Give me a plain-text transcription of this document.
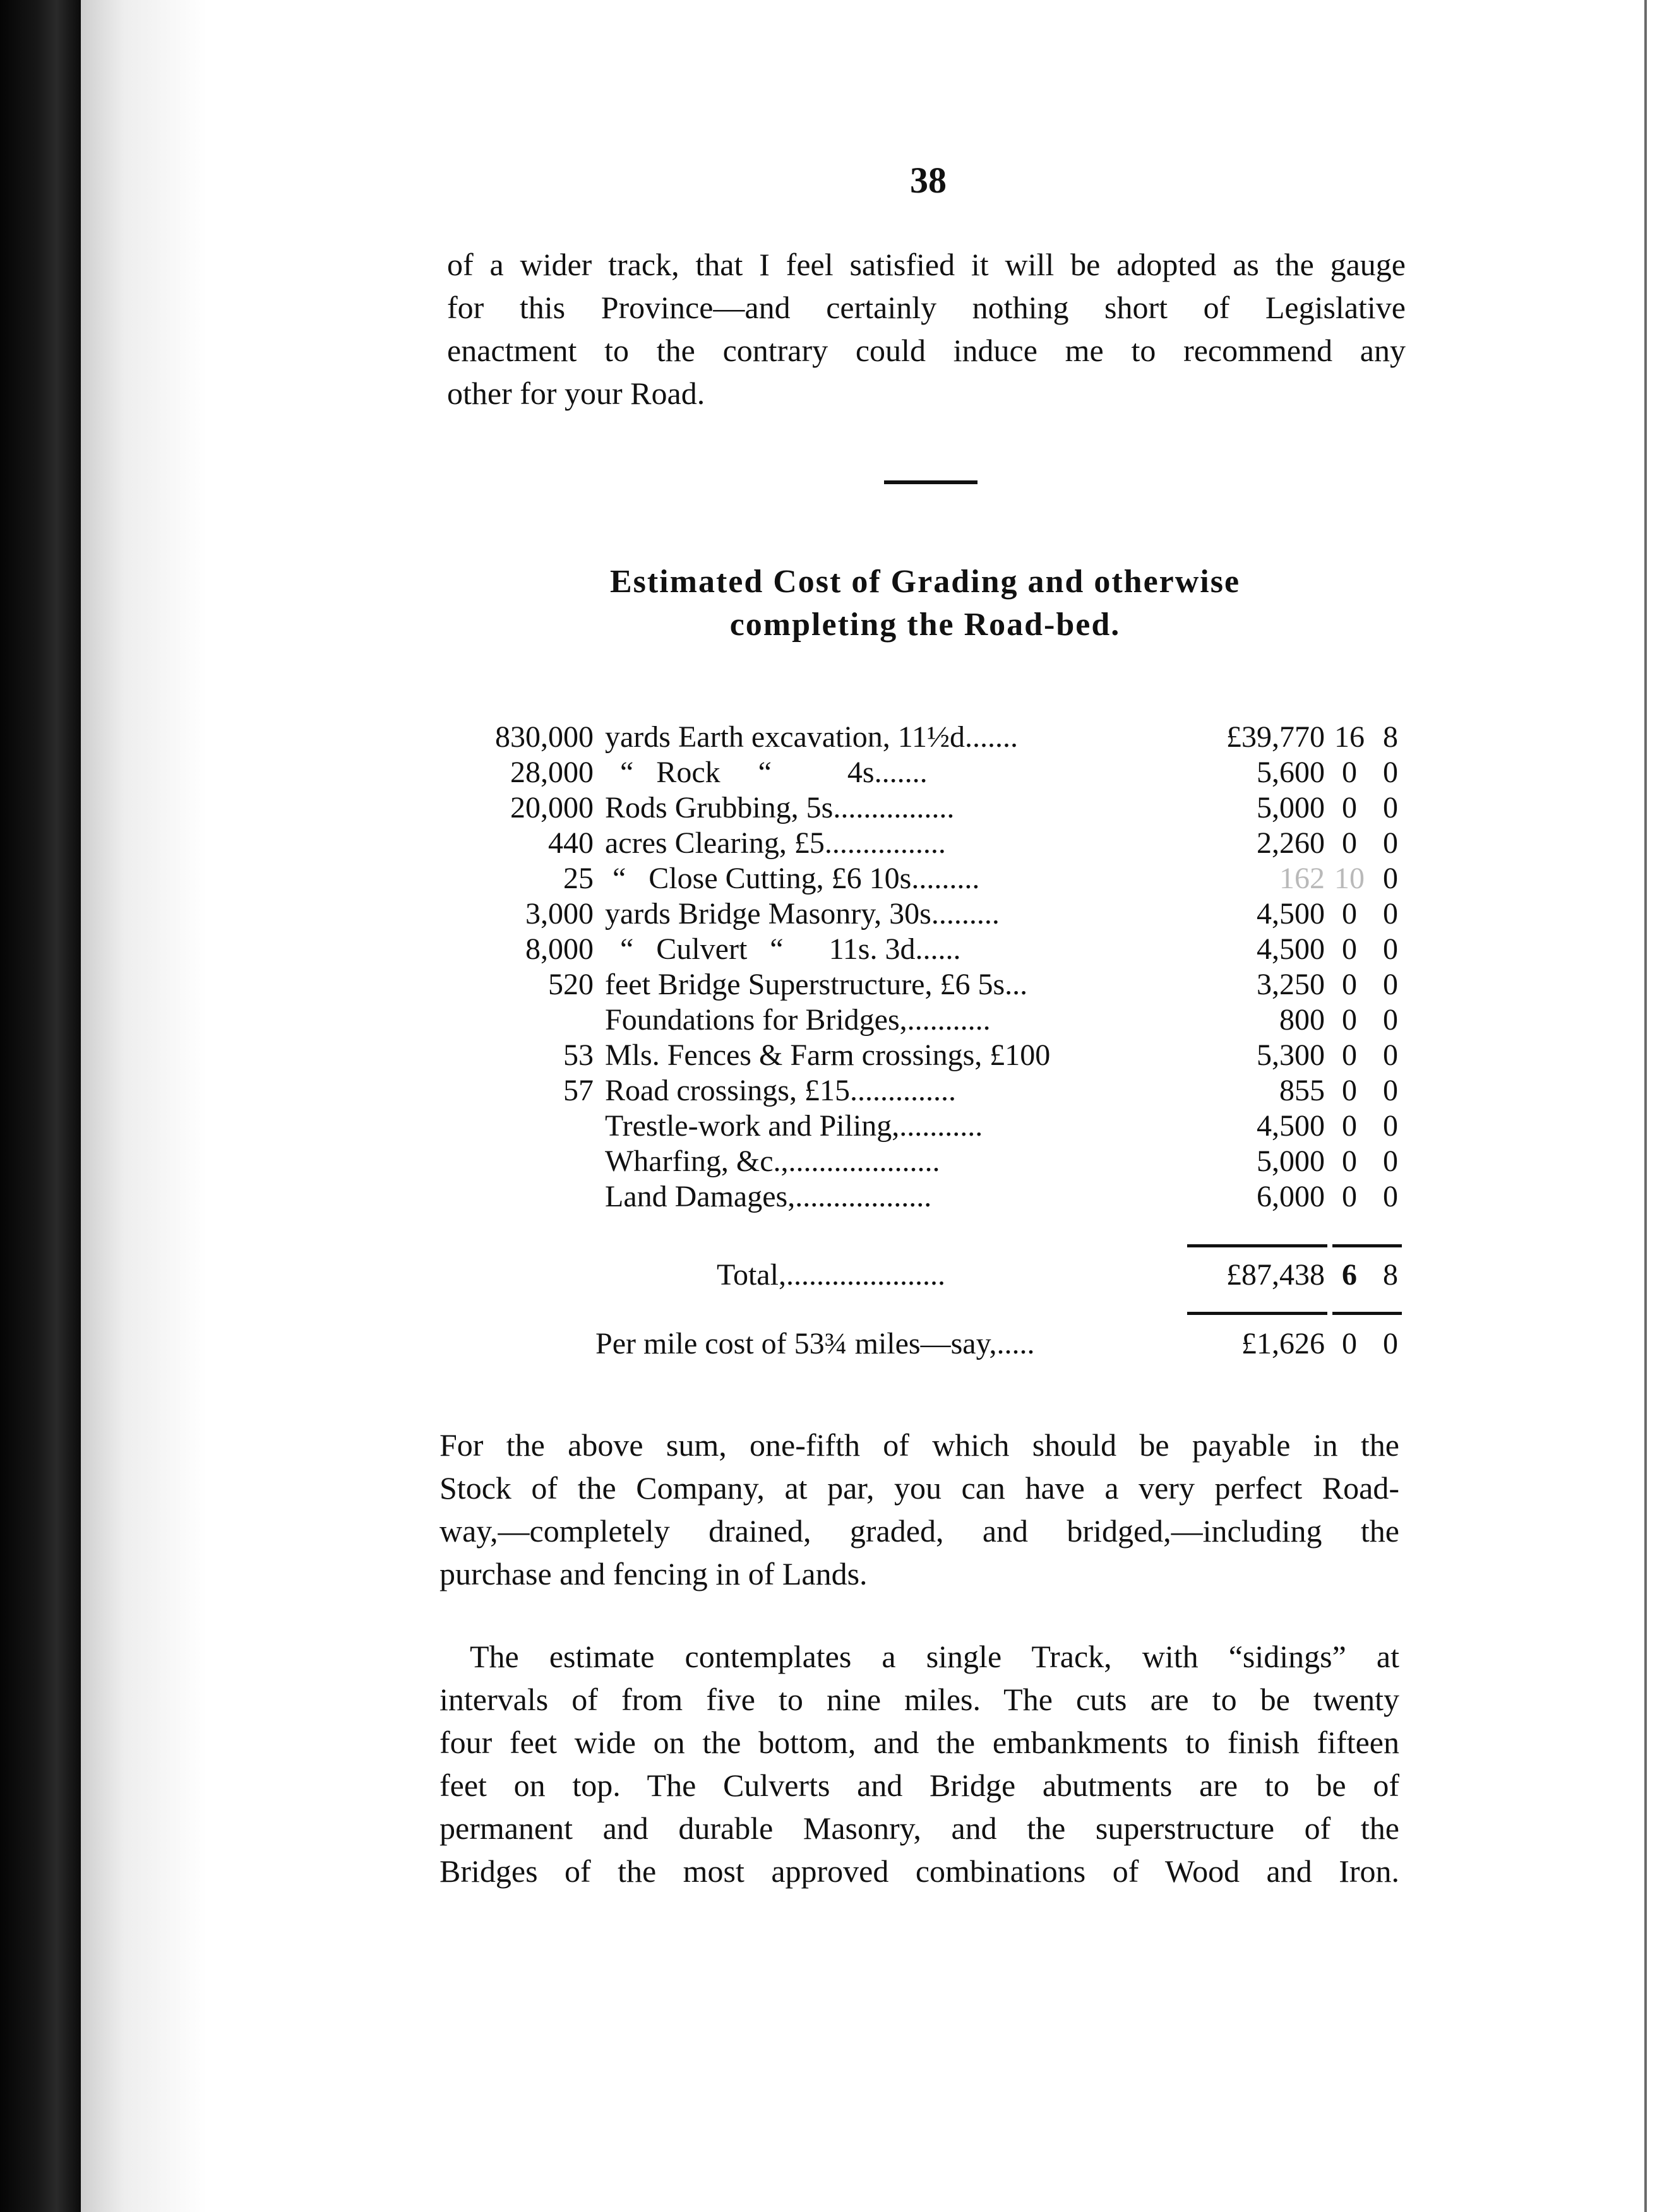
38
of a wider track, that I feel satisfied it will be adopted as the gauge
for this Province—and certainly nothing short of Legislative
enactment to the contrary could induce me to recommend any
other for your Road.
Estimated Cost of Grading and otherwise
completing the Road-bed.
Total,.....................	£87,438 6 8
Per mile cost of 53¾ miles—say,.....	£1,626 0 0
830,000 yards Earth excavation, 11½d.......	£39,770 16 8
28,000 “   Rock     “          4s.......	5,600 0 0
20,000 Rods Grubbing, 5s................	5,000 0 0
440 acres Clearing, £5................	2,260 0 0
25 “   Close Cutting, £6 10s.........	162 10 0
3,000 yards Bridge Masonry, 30s.........	4,500 0 0
8,000 “   Culvert   “      11s. 3d......	4,500 0 0
520 feet Bridge Superstructure, £6 5s...	3,250 0 0
Foundations for Bridges,...........	800 0 0
53 Mls. Fences & Farm crossings, £100	5,300 0 0
57 Road crossings, £15..............	855 0 0
Trestle-work and Piling,...........	4,500 0 0
Wharfing, &c.,....................	5,000 0 0
Land Damages,..................	6,000 0 0
For the above sum, one-fifth of which should be payable in the
Stock of the Company, at par, you can have a very perfect Road-
way,—completely drained, graded, and bridged,—including the
purchase and fencing in of Lands.
The estimate contemplates a single Track, with “sidings” at
intervals of from five to nine miles. The cuts are to be twenty
four feet wide on the bottom, and the embankments to finish fifteen
feet on top. The Culverts and Bridge abutments are to be of
permanent and durable Masonry, and the superstructure of the
Bridges of the most approved combinations of Wood and Iron.
